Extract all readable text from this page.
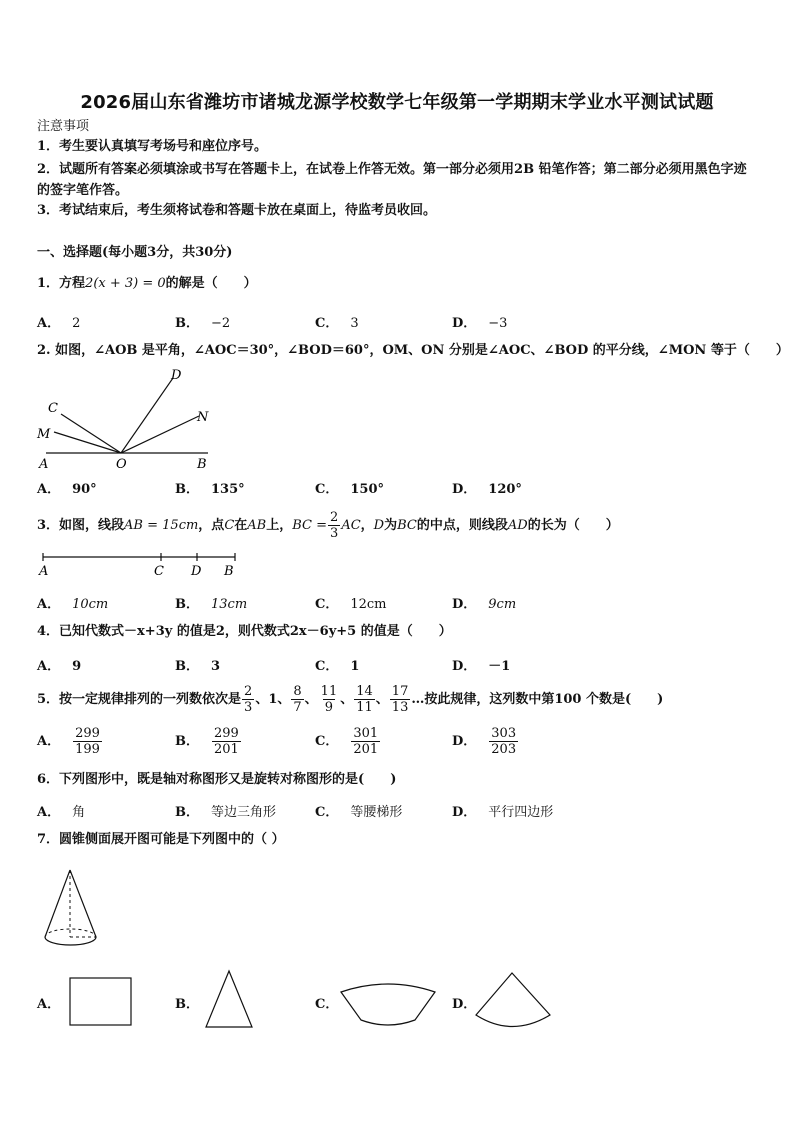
2026届山东省潍坊市诸城龙源学校数学七年级第一学期期末学业水平测试试题
注意事项
1．考生要认真填写考场号和座位序号。
2．试题所有答案必须填涂或书写在答题卡上，在试卷上作答无效。第一部分必须用2B 铅笔作答；第二部分必须用黑色字迹的签字笔作答。
3．考试结束后，考生须将试卷和答题卡放在桌面上，待监考员收回。
一、选择题(每小题3分，共30分)
1．方程2(x + 3) = 0的解是（　　）
A． 2	B． −2	C． 3	D． −3
2. 如图，∠AOB 是平角，∠AOC＝30°，∠BOD＝60°，OM、ON 分别是∠AOC、∠BOD 的平分线，∠MON 等于（　　）
A	O	B
C
M
D
N
A． 90°	B． 135°	C． 150°	D． 120°
3．如图，线段AB = 15cm，点C在AB上，BC = $\frac{2}{3}$ AC，D为BC的中点，则线段AD的长为（　　）
A	C D B
A． 10cm	B． 13cm	C． 12cm	D． 9cm
4．已知代数式－x+3y 的值是2，则代数式2x－6y+5 的值是（　　）
A． 9	B． 3	C． 1	D． －1
5．按一定规律排列的一列数依次是 $\frac{2}{3}$ 、1、 $\frac{8}{7}$ 、 $\frac{11}{9}$ 、 $\frac{14}{11}$ 、 $\frac{17}{13}$ …按此规律，这列数中第100 个数是(　　)
A． $\frac{299}{199}$	B． $\frac{299}{201}$	C． $\frac{301}{201}$	D． $\frac{303}{203}$
6．下列图形中，既是轴对称图形又是旋转对称图形的是(　　)
A． 角	B． 等边三角形	C． 等腰梯形	D． 平行四边形
7．圆锥侧面展开图可能是下列图中的（ ）
A．	B．	C．	D．
